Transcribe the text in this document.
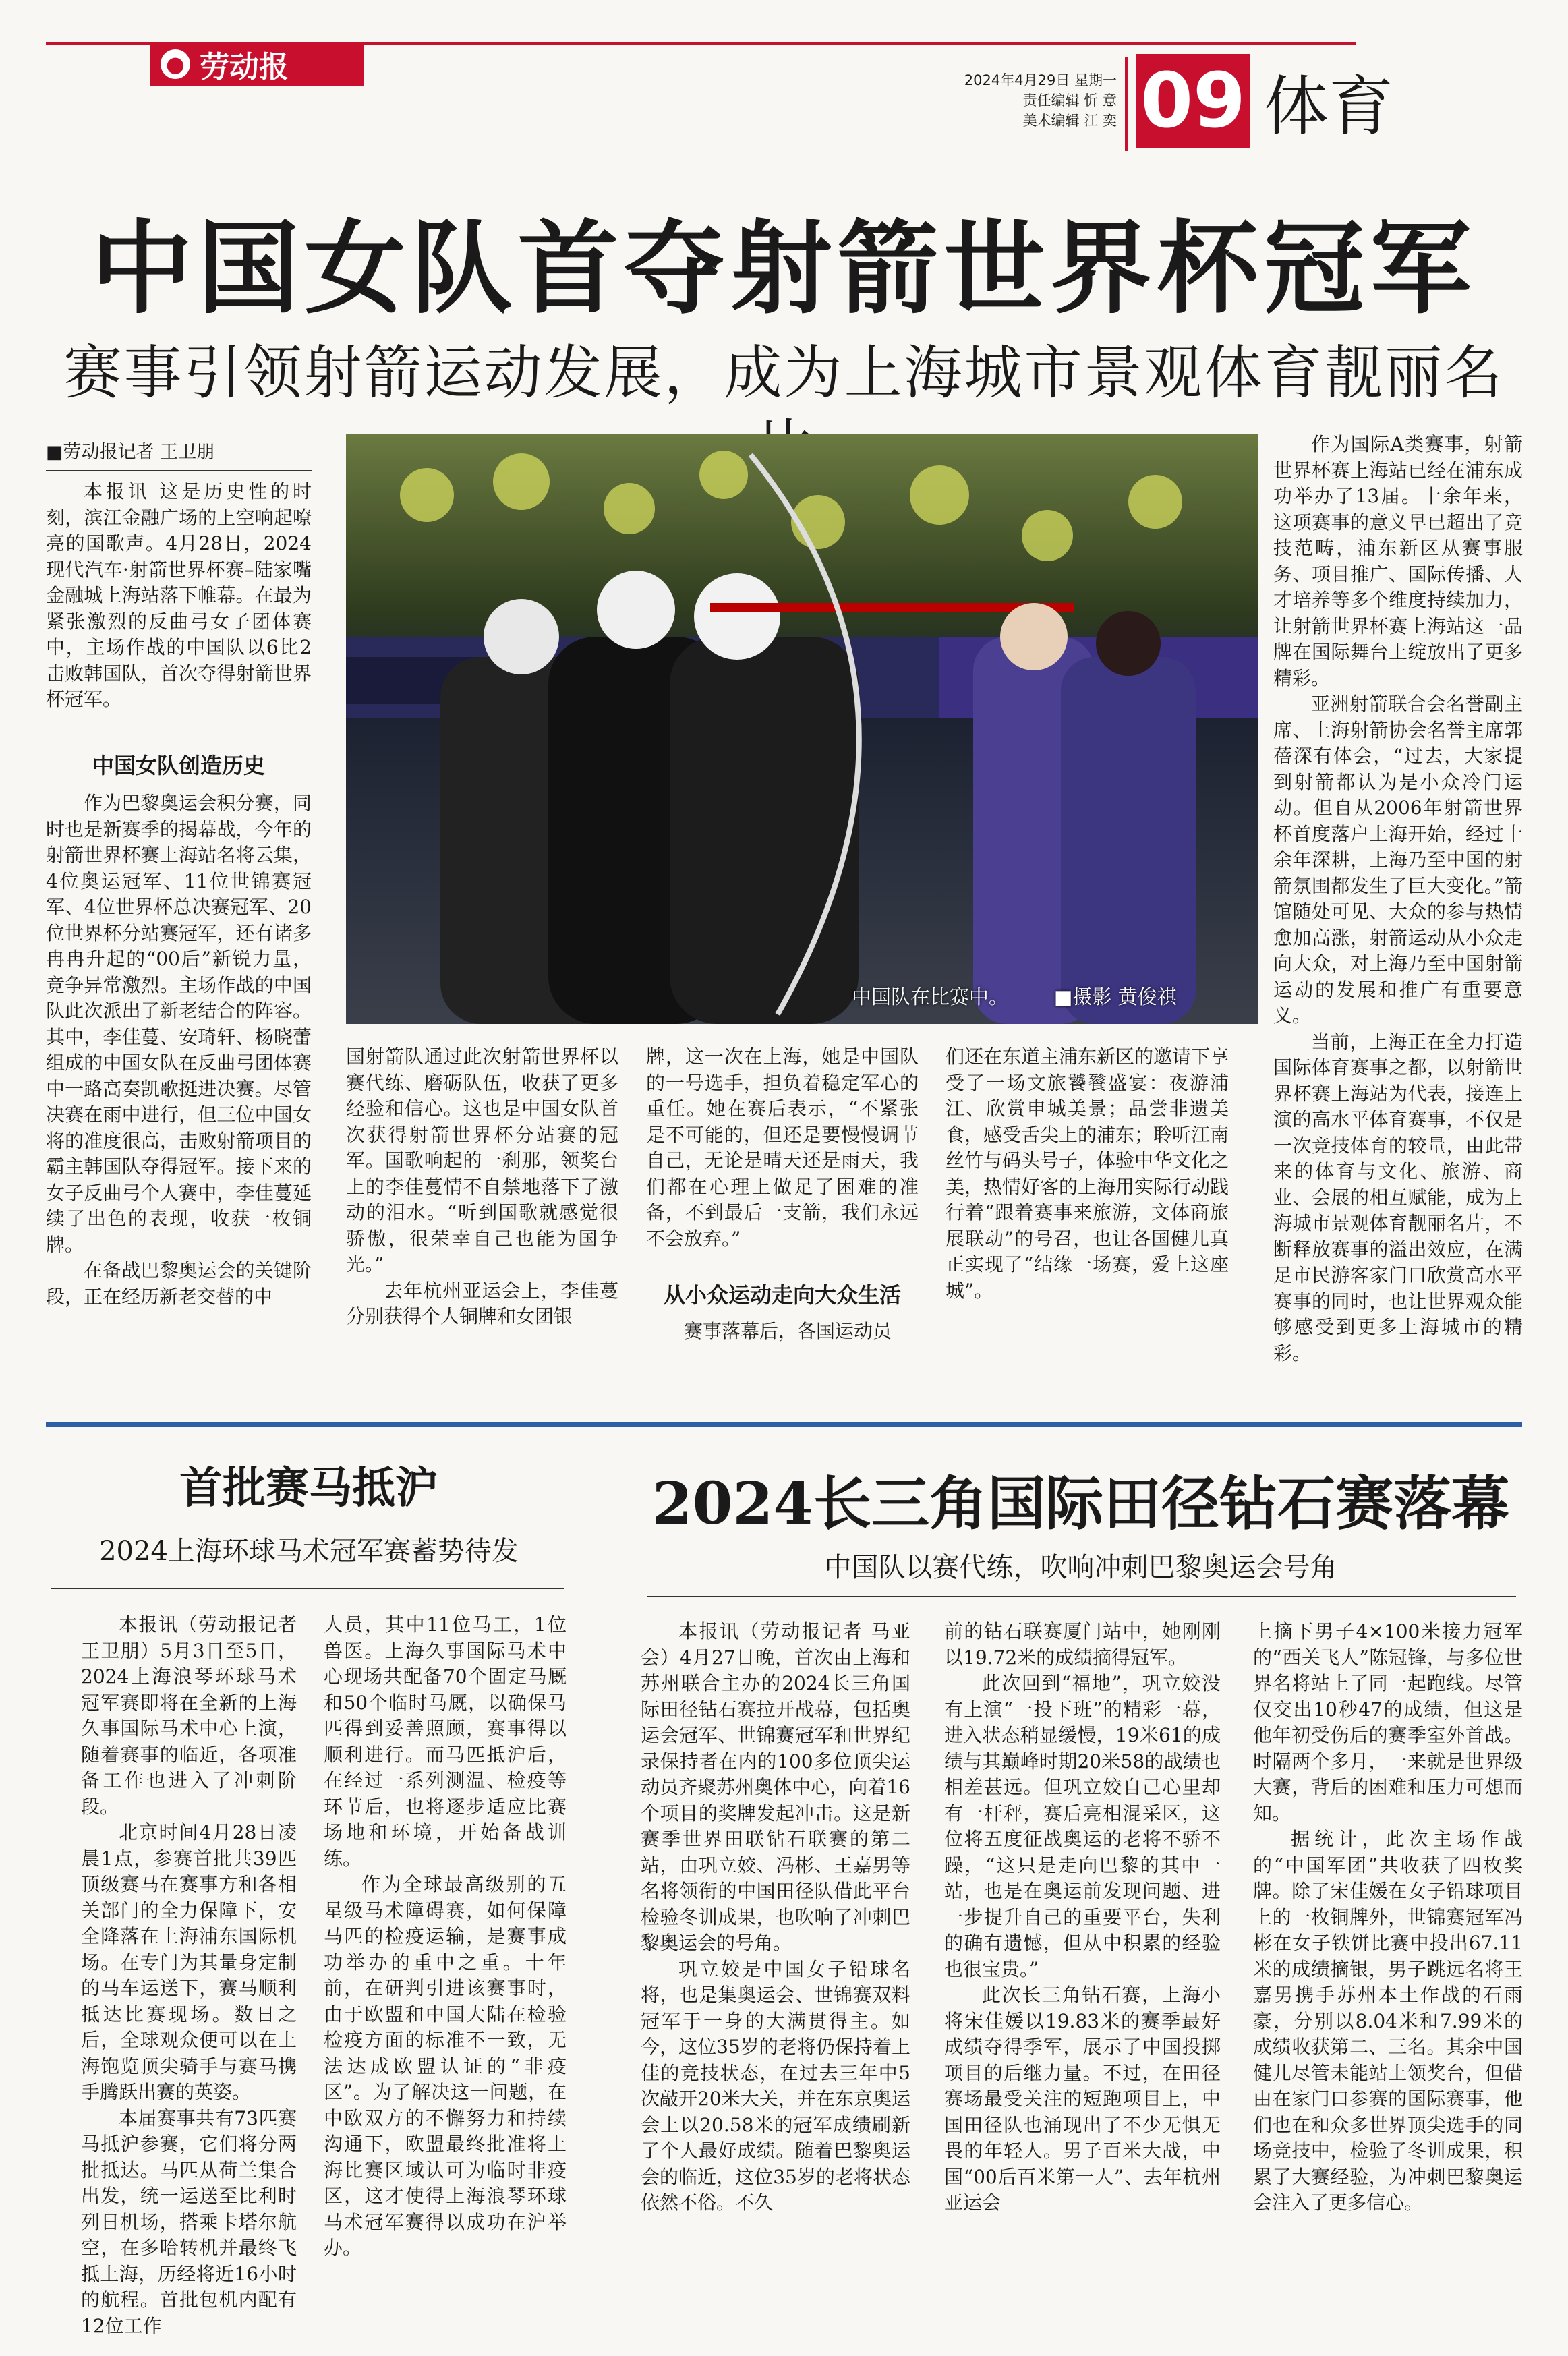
● 劳动报	2024年4月29日 星期一
责任编辑 忻 意
美术编辑 江 奕 09 体育
中国女队首夺射箭世界杯冠军
赛事引领射箭运动发展，成为上海城市景观体育靓丽名
■劳动报记者 王卫朋

本报讯 这是历史性的时刻，滨江金融广场的上空响起嘹亮的国歌声。4月28日，2024现代汽车·射箭世界杯赛–陆家嘴金融城上海站落下帷幕。在最为紧张激烈的反曲弓女子团体赛中，主场作战的中国队以6比2击败韩国队，首次夺得射箭世界杯冠军。

中国女队创造历史

作为巴黎奥运会积分赛，同时也是新赛季的揭幕战，今年的射箭世界杯赛上海站名将云集，4位奥运冠军、11位世锦赛冠军、4位世界杯总决赛冠军、20位世界杯分站赛冠军，还有诸多冉冉升起的“00后”新锐力量，竞争异常激烈。主场作战的中国队此次派出了新老结合的阵容。其中，李佳蔓、安琦轩、杨晓蕾组成的中国女队在反曲弓团体赛中一路高奏凯歌挺进决赛。尽管决赛在雨中进行，但三位中国女将的准度很高，击败射箭项目的霸主韩国队夺得冠军。接下来的女子反曲弓个人赛中，李佳蔓延续了出色的表现，收获一枚铜牌。

在备战巴黎奥运会的关键阶段，正在经历新老交替的中

中国队在比赛中。 ■摄影 黄俊祺

国射箭队通过此次射箭世界杯以赛代练、磨砺队伍，收获了更多经验和信心。这也是中国女队首次获得射箭世界杯分站赛的冠军。国歌响起的一刹那，领奖台上的李佳蔓情不自禁地落下了激动的泪水。“听到国歌就感觉很骄傲，很荣幸自己也能为国争光。”

去年杭州亚运会上，李佳蔓分别获得个人铜牌和女团银

牌，这一次在上海，她是中国队的一号选手，担负着稳定军心的重任。她在赛后表示，“不紧张是不可能的，但还是要慢慢调节自己，无论是晴天还是雨天，我们都在心理上做足了困难的准备，不到最后一支箭，我们永远不会放弃。”

从小众运动走向大众生活

赛事落幕后，各国运动员

们还在东道主浦东新区的邀请下享受了一场文旅饕餮盛宴：夜游浦江、欣赏申城美景；品尝非遗美食，感受舌尖上的浦东；聆听江南丝竹与码头号子，体验中华文化之美，热情好客的上海用实际行动践行着“跟着赛事来旅游，文体商旅展联动”的号召，也让各国健儿真正实现了“结缘一场赛，爱上这座城”。

作为国际A类赛事，射箭世界杯赛上海站已经在浦东成功举办了13届。十余年来，这项赛事的意义早已超出了竞技范畴，浦东新区从赛事服务、项目推广、国际传播、人才培养等多个维度持续加力，让射箭世界杯赛上海站这一品牌在国际舞台上绽放出了更多精彩。

亚洲射箭联合会名誉副主席、上海射箭协会名誉主席郭蓓深有体会，“过去，大家提到射箭都认为是小众冷门运动。但自从2006年射箭世界杯首度落户上海开始，经过十余年深耕，上海乃至中国的射箭氛围都发生了巨大变化。”箭馆随处可见、大众的参与热情愈加高涨，射箭运动从小众走向大众，对上海乃至中国射箭运动的发展和推广有重要意义。

当前，上海正在全力打造国际体育赛事之都，以射箭世界杯赛上海站为代表，接连上演的高水平体育赛事，不仅是一次竞技体育的较量，由此带来的体育与文化、旅游、商业、会展的相互赋能，成为上海城市景观体育靓丽名片，不断释放赛事的溢出效应，在满足市民游客家门口欣赏高水平赛事的同时，也让世界观众能够感受到更多上海城市的精彩。

首批赛马抵沪
2024上海环球马术冠军赛蓄势待发

本报讯（劳动报记者 王卫朋）5月3日至5日，2024上海浪琴环球马术冠军赛即将在全新的上海久事国际马术中心上演，随着赛事的临近，各项准备工作也进入了冲刺阶段。

北京时间4月28日凌晨1点，参赛首批共39匹顶级赛马在赛事方和各相关部门的全力保障下，安全降落在上海浦东国际机场。在专门为其量身定制的马车运送下，赛马顺利抵达比赛现场。数日之后，全球观众便可以在上海饱览顶尖骑手与赛马携手腾跃出赛的英姿。

本届赛事共有73匹赛马抵沪参赛，它们将分两批抵达。马匹从荷兰集合出发，统一运送至比利时列日机场，搭乘卡塔尔航空，在多哈转机并最终飞抵上海，历经将近16小时的航程。首批包机内配有12位工作

人员，其中11位马工，1位兽医。上海久事国际马术中心现场共配备70个固定马厩和50个临时马厩，以确保马匹得到妥善照顾，赛事得以顺利进行。而马匹抵沪后，在经过一系列测温、检疫等环节后，也将逐步适应比赛场地和环境，开始备战训练。

作为全球最高级别的五星级马术障碍赛，如何保障马匹的检疫运输，是赛事成功举办的重中之重。十年前，在研判引进该赛事时，由于欧盟和中国大陆在检验检疫方面的标准不一致，无法达成欧盟认证的“非疫区”。为了解决这一问题，在中欧双方的不懈努力和持续沟通下，欧盟最终批准将上海比赛区域认可为临时非疫区，这才使得上海浪琴环球马术冠军赛得以成功在沪举办。

2024长三角国际田径钻石赛落幕
中国队以赛代练，吹响冲刺巴黎奥运会号角

本报讯（劳动报记者 马亚会）4月27日晚，首次由上海和苏州联合主办的2024长三角国际田径钻石赛拉开战幕，包括奥运会冠军、世锦赛冠军和世界纪录保持者在内的100多位顶尖运动员齐聚苏州奥体中心，向着16个项目的奖牌发起冲击。这是新赛季世界田联钻石联赛的第二站，由巩立姣、冯彬、王嘉男等名将领衔的中国田径队借此平台检验冬训成果，也吹响了冲刺巴黎奥运会的号角。

巩立姣是中国女子铅球名将，也是集奥运会、世锦赛双料冠军于一身的大满贯得主。如今，这位35岁的老将仍保持着上佳的竞技状态，在过去三年中5次敲开20米大关，并在东京奥运会上以20.58米的冠军成绩刷新了个人最好成绩。随着巴黎奥运会的临近，这位35岁的老将状态依然不俗。不久

前的钻石联赛厦门站中，她刚刚以19.72米的成绩摘得冠军。

此次回到“福地”，巩立姣没有上演“一投下班”的精彩一幕，进入状态稍显缓慢，19米61的成绩与其巅峰时期20米58的战绩也相差甚远。但巩立姣自己心里却有一杆秤，赛后亮相混采区，这位将五度征战奥运的老将不骄不躁，“这只是走向巴黎的其中一站，也是在奥运前发现问题、进一步提升自己的重要平台，失利的确有遗憾，但从中积累的经验也很宝贵。”

此次长三角钻石赛，上海小将宋佳媛以19.83米的赛季最好成绩夺得季军，展示了中国投掷项目的后继力量。不过，在田径赛场最受关注的短跑项目上，中国田径队也涌现出了不少无惧无畏的年轻人。男子百米大战，中国“00后百米第一人”、去年杭州亚运会

上摘下男子4×100米接力冠军的“西关飞人”陈冠锋，与多位世界名将站上了同一起跑线。尽管仅交出10秒47的成绩，但这是他年初受伤后的赛季室外首战。时隔两个多月，一来就是世界级大赛，背后的困难和压力可想而知。

据统计，此次主场作战的“中国军团”共收获了四枚奖牌。除了宋佳媛在女子铅球项目上的一枚铜牌外，世锦赛冠军冯彬在女子铁饼比赛中投出67.11米的成绩摘银，男子跳远名将王嘉男携手苏州本土作战的石雨豪，分别以8.04米和7.99米的成绩收获第二、三名。其余中国健儿尽管未能站上领奖台，但借由在家门口参赛的国际赛事，他们也在和众多世界顶尖选手的同场竞技中，检验了冬训成果，积累了大赛经验，为冲刺巴黎奥运会注入了更多信心。
